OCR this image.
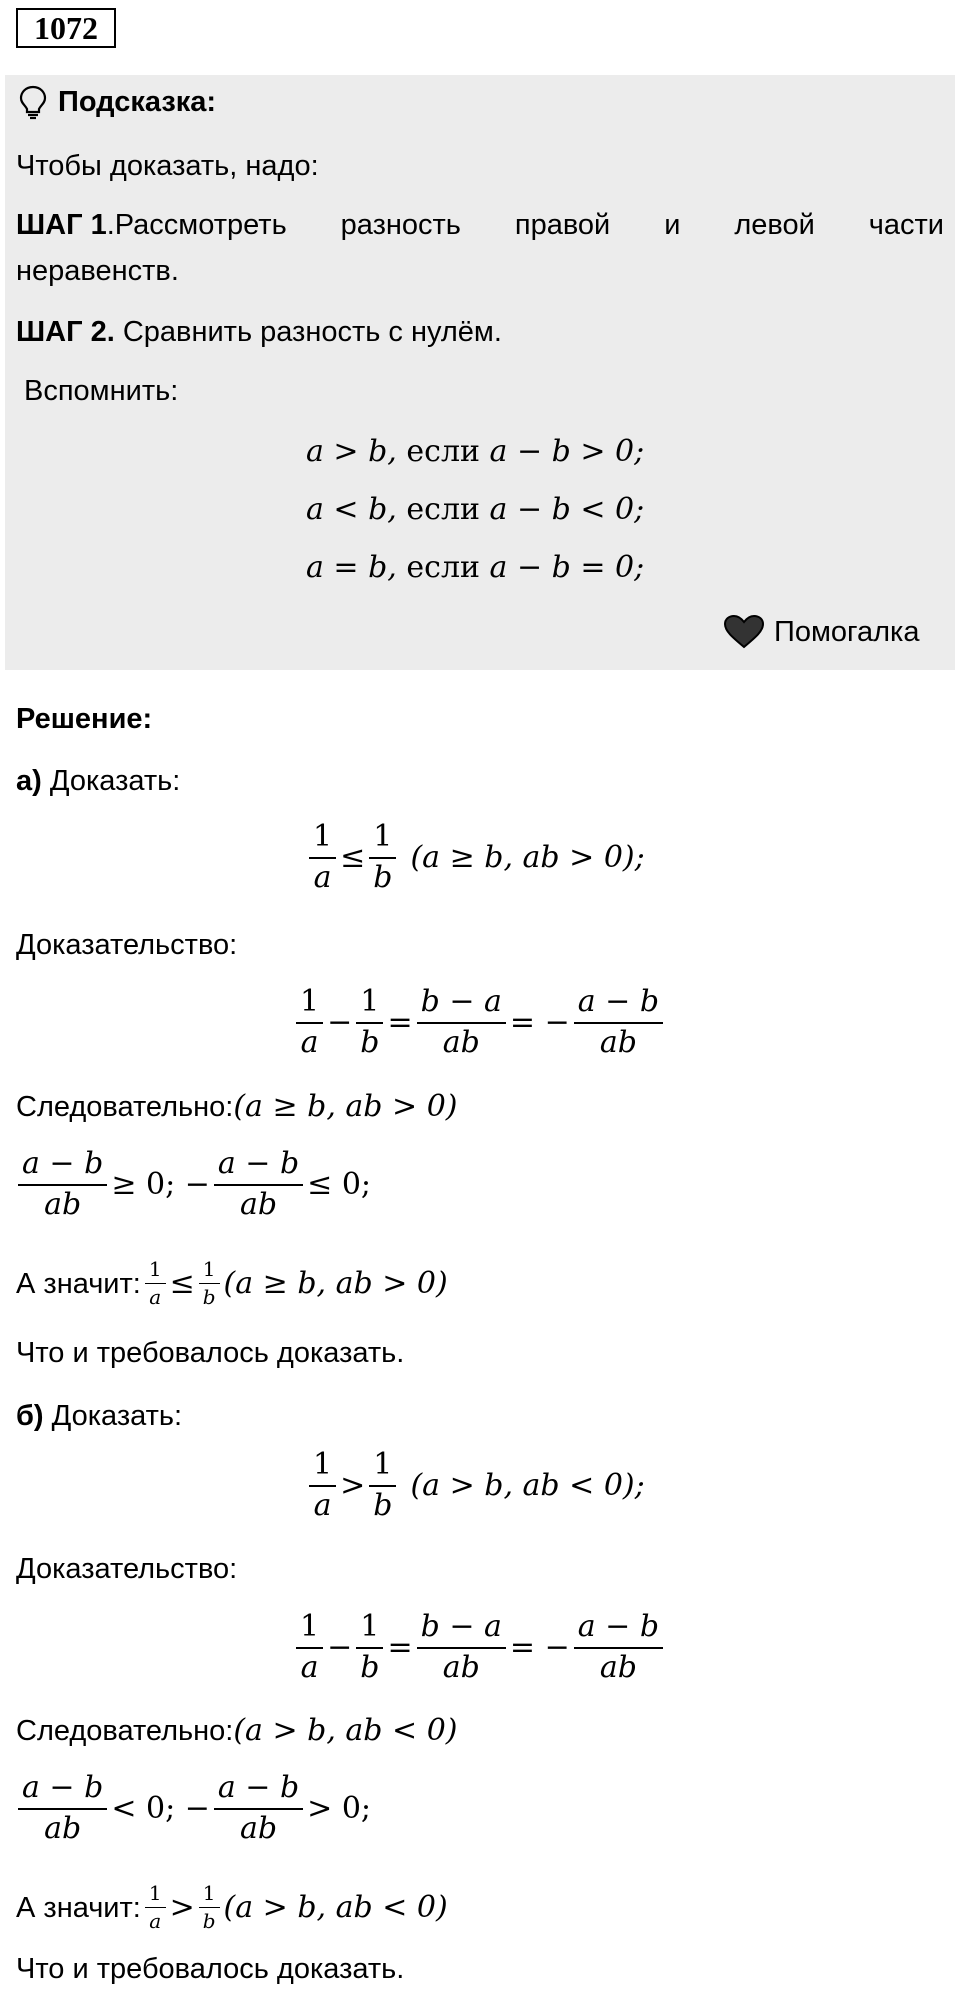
1072
Подсказка:
Чтобы доказать, надо:
ШАГ 1.Рассмотреть разность правой и левой части
неравенств.
ШАГ 2. Сравнить разность с нулём.
Вспомнить:
a > b, если a − b > 0;
a < b, если a − b < 0;
a = b, если a − b = 0;
Помогалка
Решение:
а) Доказать:
$\frac{1}{a} \le \frac{1}{b} (a \ge b$, ab > 0);
Доказательство:
$\frac{1}{a} - \frac{1}{b} = \frac{b - a}{ab}$ = − $\frac{a - b}{ab}$
Следовательно: (a ≥ b, ab > 0)
$\frac{a - b}{ab} \ge 0$; − $\frac{a - b}{ab} \le 0$;
А значит: $\frac{1}{a} \le \frac{1}{b} (a \ge b$, ab > 0)
Что и требовалось доказать.
б) Доказать:
$\frac{1}{a} > \frac{1}{b} (a > b$, ab < 0);
Доказательство:
$\frac{1}{a} - \frac{1}{b} = \frac{b - a}{ab}$ = − $\frac{a - b}{ab}$
Следовательно: (a > b, ab < 0)
$\frac{a - b}{ab} < 0$; − $\frac{a - b}{ab} > 0$;
А значит: $\frac{1}{a} > \frac{1}{b} (a > b$, ab < 0)
Что и требовалось доказать.
